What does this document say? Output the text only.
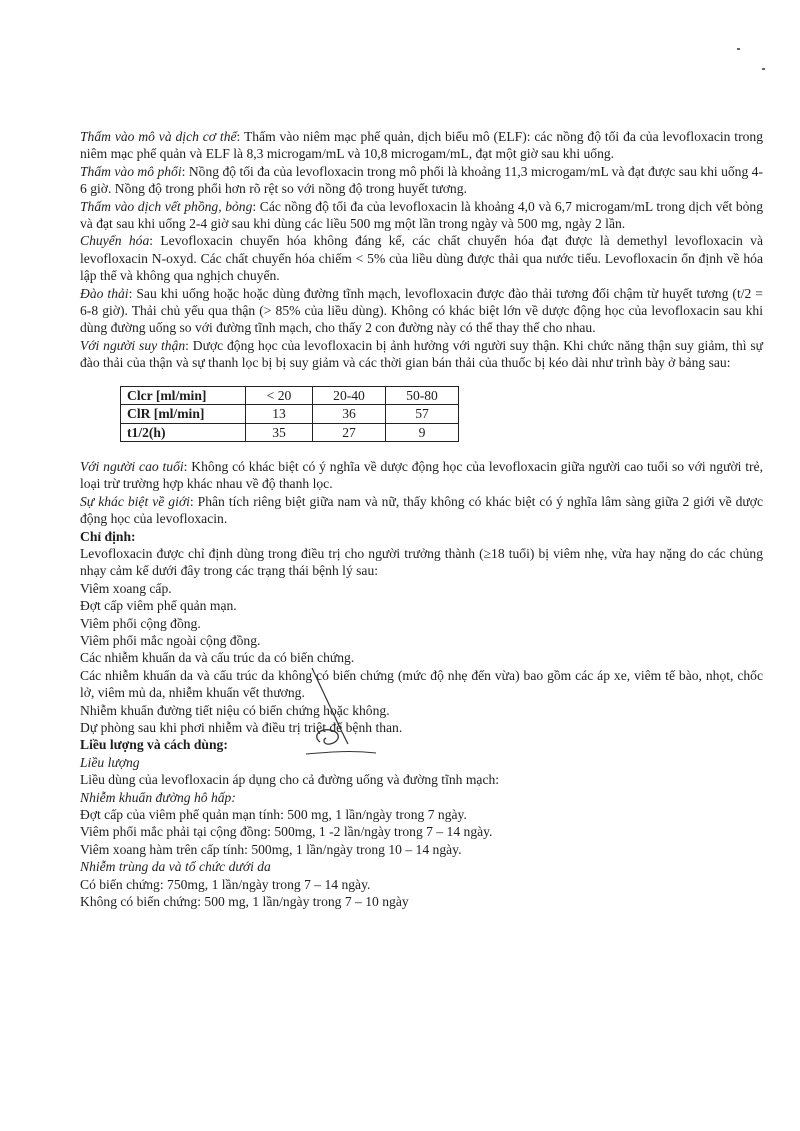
Thấm vào mô và dịch cơ thể: Thấm vào niêm mạc phế quản, dịch biểu mô (ELF): các nồng độ tối đa của levofloxacin trong niêm mạc phế quản và ELF là 8,3 microgam/mL và 10,8 microgam/mL, đạt một giờ sau khi uống.

Thấm vào mô phổi: Nồng độ tối đa của levofloxacin trong mô phổi là khoảng 11,3 microgam/mL và đạt được sau khi uống 4-6 giờ. Nồng độ trong phổi hơn rõ rệt so với nồng độ trong huyết tương.

Thấm vào dịch vết phồng, bỏng: Các nồng độ tối đa của levofloxacin là khoảng 4,0 và 6,7 microgam/mL trong dịch vết bỏng và đạt sau khi uống 2-4 giờ sau khi dùng các liều 500 mg một lần trong ngày và 500 mg, ngày 2 lần.

Chuyển hóa: Levofloxacin chuyển hóa không đáng kể, các chất chuyển hóa đạt được là demethyl levofloxacin và levofloxacin N-oxyd. Các chất chuyển hóa chiếm < 5% của liều dùng được thải qua nước tiểu. Levofloxacin ổn định về hóa lập thể và không qua nghịch chuyển.

Đào thải: Sau khi uống hoặc hoặc dùng đường tĩnh mạch, levofloxacin được đào thải tương đối chậm từ huyết tương (t/2 = 6-8 giờ). Thải chủ yếu qua thận (> 85% của liều dùng). Không có khác biệt lớn về dược động học của levofloxacin sau khi dùng đường uống so với đường tĩnh mạch, cho thấy 2 con đường này có thể thay thế cho nhau.

Với người suy thận: Dược động học của levofloxacin bị ảnh hưởng với người suy thận. Khi chức năng thận suy giảm, thì sự đào thải của thận và sự thanh lọc bị bị suy giảm và các thời gian bán thải của thuốc bị kéo dài như trình bày ở bảng sau:

Clcr [ml/min]	< 20	20-40	50-80
ClR [ml/min]	13	36	57
t1/2(h)	35	27	9

Với người cao tuổi: Không có khác biệt có ý nghĩa về dược động học của levofloxacin giữa người cao tuổi so với người trẻ, loại trừ trường hợp khác nhau về độ thanh lọc.

Sự khác biệt về giới: Phân tích riêng biệt giữa nam và nữ, thấy không có khác biệt có ý nghĩa lâm sàng giữa 2 giới về dược động học của levofloxacin.

Chỉ định:

Levofloxacin được chỉ định dùng trong điều trị cho người trưởng thành (≥18 tuổi) bị viêm nhẹ, vừa hay nặng do các chủng nhạy cảm kể dưới đây trong các trạng thái bệnh lý sau:

Viêm xoang cấp.

Đợt cấp viêm phế quản mạn.

Viêm phổi cộng đồng.

Viêm phổi mắc ngoài cộng đồng.

Các nhiễm khuẩn da và cấu trúc da có biến chứng.

Các nhiễm khuẩn da và cấu trúc da không có biến chứng (mức độ nhẹ đến vừa) bao gồm các áp xe, viêm tế bào, nhọt, chốc lở, viêm mủ da, nhiễm khuẩn vết thương.

Nhiễm khuẩn đường tiết niệu có biến chứng hoặc không.

Dự phòng sau khi phơi nhiễm và điều trị triệt để bệnh than.

Liều lượng và cách dùng:

Liều lượng

Liều dùng của levofloxacin áp dụng cho cả đường uống và đường tĩnh mạch:

Nhiễm khuẩn đường hô hấp:

Đợt cấp của viêm phế quản mạn tính: 500 mg, 1 lần/ngày trong 7 ngày.

Viêm phổi mắc phải tại cộng đồng: 500mg, 1 -2 lần/ngày trong 7 – 14 ngày.

Viêm xoang hàm trên cấp tính: 500mg, 1 lần/ngày trong 10 – 14 ngày.

Nhiễm trùng da và tổ chức dưới da

Có biến chứng: 750mg, 1 lần/ngày trong 7 – 14 ngày.

Không có biến chứng: 500 mg, 1 lần/ngày trong 7 – 10 ngày
